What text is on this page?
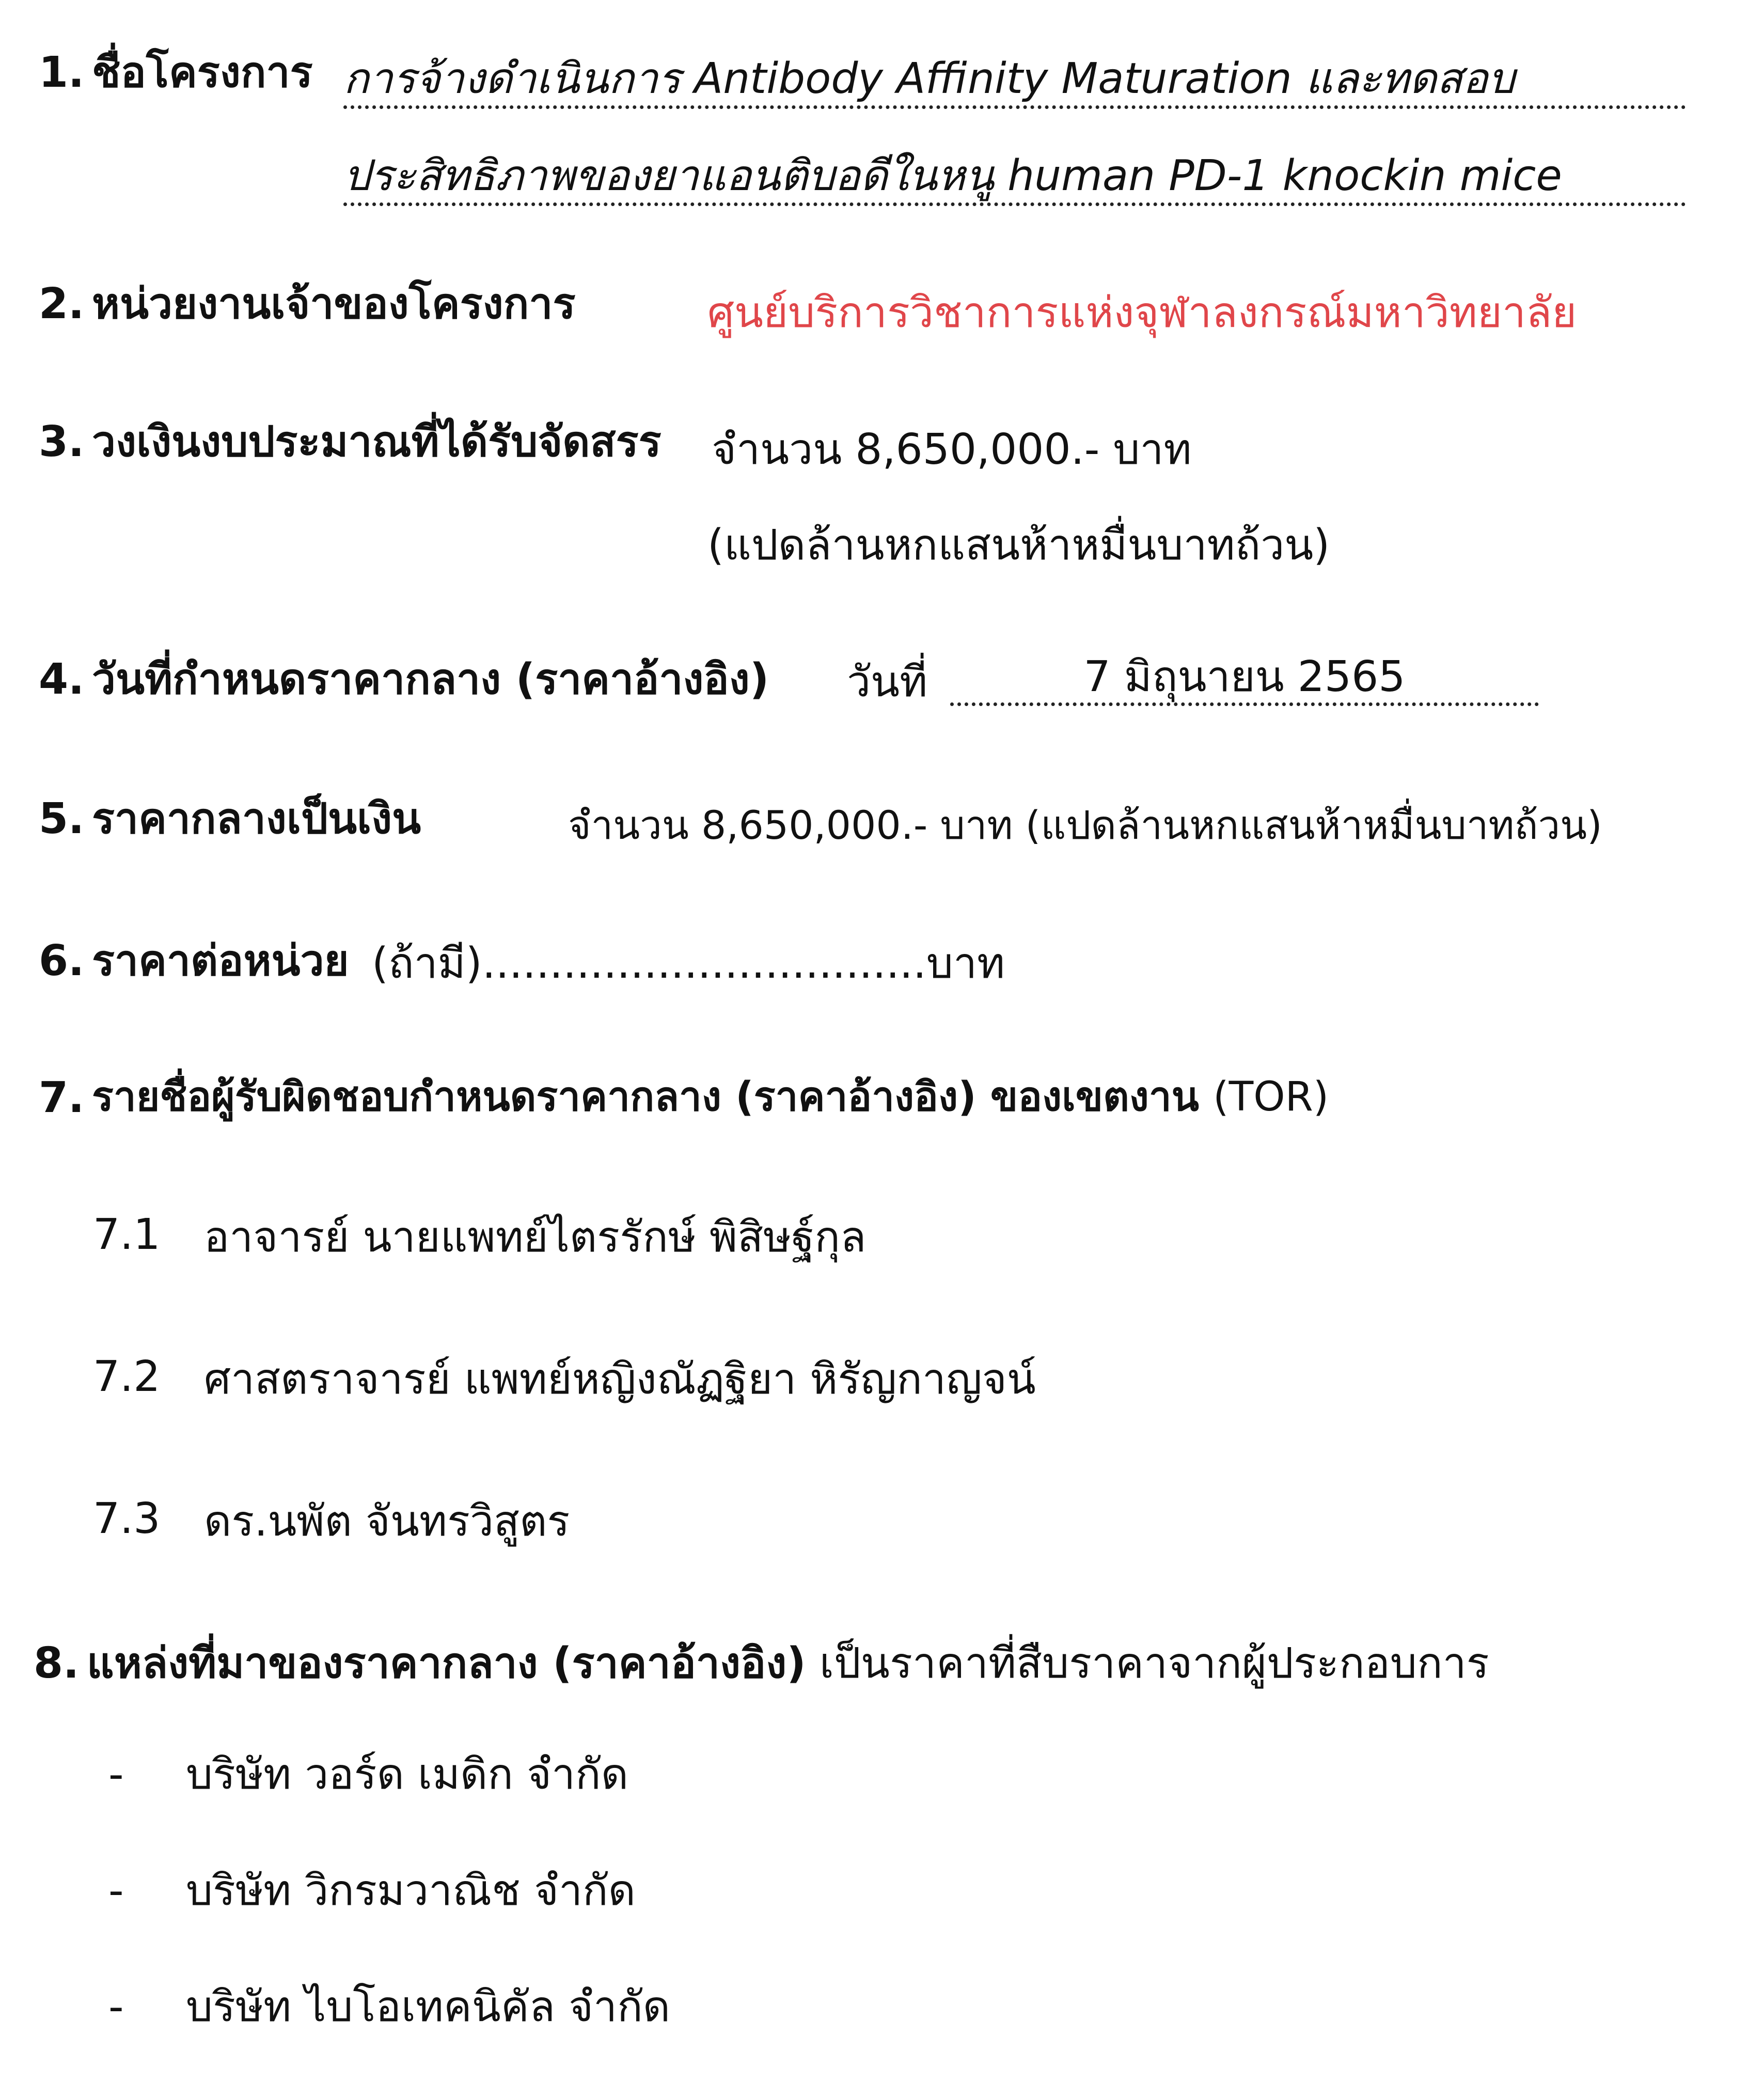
1. ชื่อโครงการ การจ้างดำเนินการ Antibody Affinity Maturation และทดสอบ
ประสิทธิภาพของยาแอนติบอดีในหนู human PD-1 knockin mice
2. หน่วยงานเจ้าของโครงการ	ศูนย์บริการวิชาการแห่งจุฬาลงกรณ์มหาวิทยาลัย
3. วงเงินงบประมาณที่ได้รับจัดสรร จำนวน 8,650,000.- บาท
(แปดล้านหกแสนห้าหมื่นบาทถ้วน)
4. วันที่กำหนดราคากลาง (ราคาอ้างอิง) วันที่	7 มิถุนายน 2565
5. ราคากลางเป็นเงิน	จำนวน 8,650,000.- บาท (แปดล้านหกแสนห้าหมื่นบาทถ้วน)
6. ราคาต่อหน่วย (ถ้ามี).................................บาท
7. รายชื่อผู้รับผิดชอบกำหนดราคากลาง (ราคาอ้างอิง) ของเขตงาน (TOR)
7.1 อาจารย์ นายแพทย์ไตรรักษ์ พิสิษฐ์กุล
7.2 ศาสตราจารย์ แพทย์หญิงณัฏฐิยา หิรัญกาญจน์
7.3 ดร.นพัต จันทรวิสูตร
8. แหล่งที่มาของราคากลาง (ราคาอ้างอิง) เป็นราคาที่สืบราคาจากผู้ประกอบการ
- บริษัท วอร์ด เมดิก จำกัด
- บริษัท วิกรมวาณิช จำกัด
- บริษัท ไบโอเทคนิคัล จำกัด
